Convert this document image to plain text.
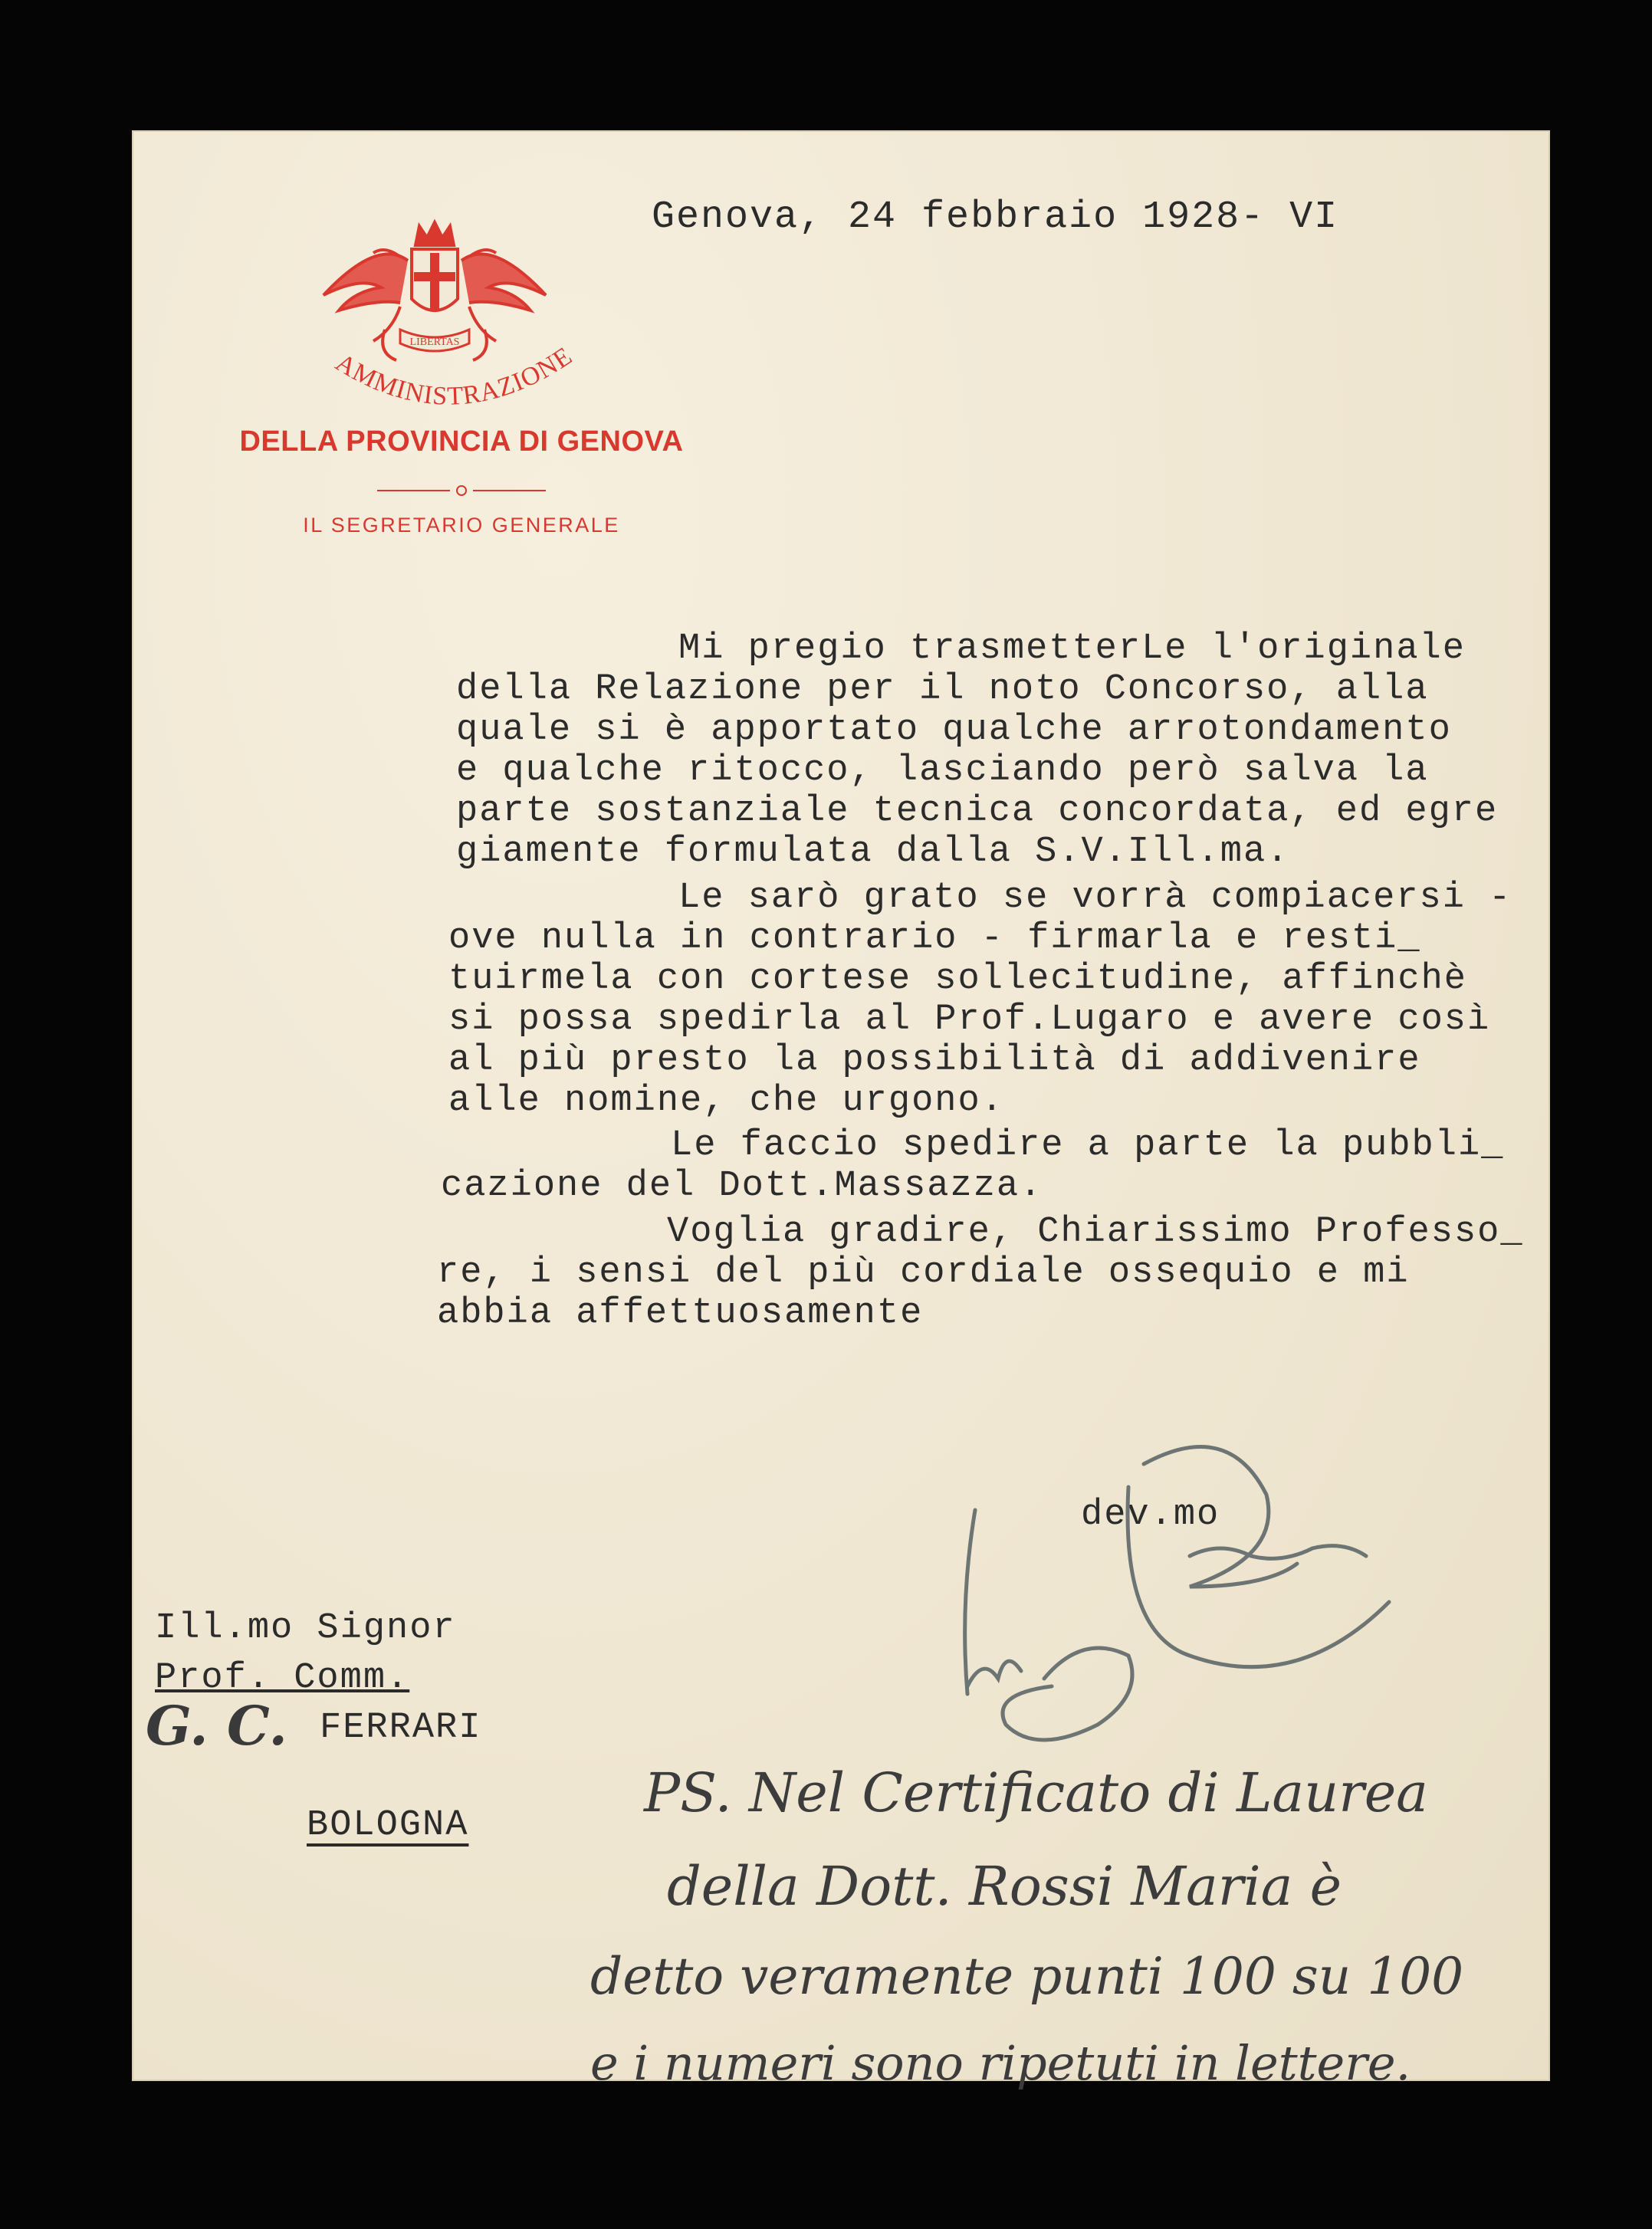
LIBERTAS
AMMINISTRAZIONE
DELLA PROVINCIA DI GENOVA
IL SEGRETARIO GENERALE
Genova, 24 febbraio 1928- VI
Mi pregio trasmetterLe l'originale
della Relazione per il noto Concorso, alla
quale si è apportato qualche arrotondamento
e qualche ritocco, lasciando però salva la
parte sostanziale tecnica concordata, ed egre
giamente formulata dalla S.V.Ill.ma.
Le sarò grato se vorrà compiacersi -
ove nulla in contrario - firmarla e resti_
tuirmela con cortese sollecitudine, affinchè
si possa spedirla al Prof.Lugaro e avere così
al più presto la possibilità di addivenire
alle nomine, che urgono.
Le faccio spedire a parte la pubbli_
cazione del Dott.Massazza.
Voglia gradire, Chiarissimo Professo_
re, i sensi del più cordiale ossequio e mi
abbia affettuosamente
dev.mo
Ill.mo Signor
Prof. Comm.
G. C. FERRARI
BOLOGNA
PS. Nel Certificato di Laurea
della Dott. Rossi Maria è
detto veramente punti 100 su 100
e i numeri sono ripetuti in lettere.
